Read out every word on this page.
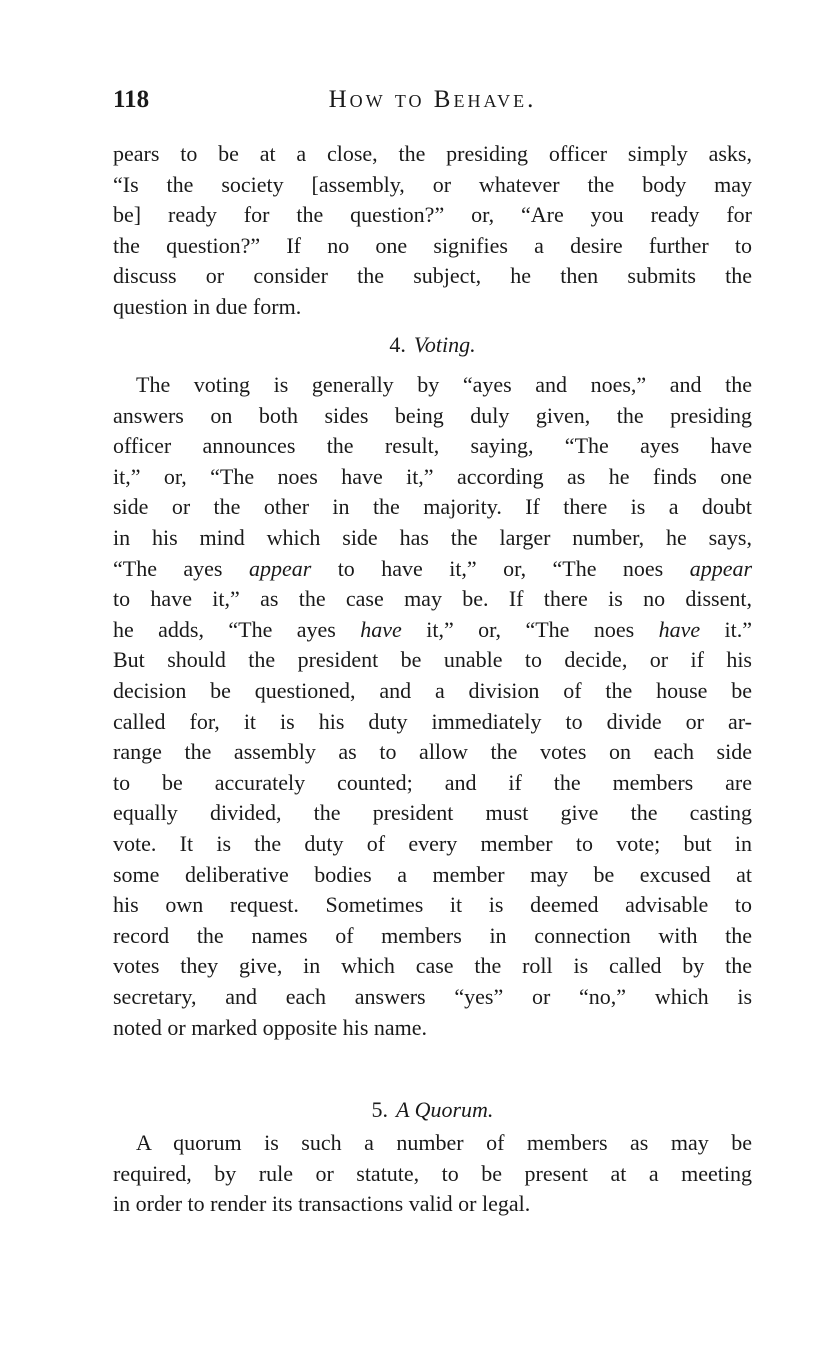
118	How to Behave.
pears to be at a close, the presiding officer simply asks,
“Is the society [assembly, or whatever the body may
be] ready for the question?” or, “Are you ready for
the question?” If no one signifies a desire further to
discuss or consider the subject, he then submits the
question in due form.
4. Voting.
The voting is generally by “ayes and noes,” and the
answers on both sides being duly given, the presiding
officer announces the result, saying, “The ayes have
it,” or, “The noes have it,” according as he finds one
side or the other in the majority. If there is a doubt
in his mind which side has the larger number, he says,
“The ayes appear to have it,” or, “The noes appear
to have it,” as the case may be. If there is no dissent,
he adds, “The ayes have it,” or, “The noes have it.”
But should the president be unable to decide, or if his
decision be questioned, and a division of the house be
called for, it is his duty immediately to divide or ar-
range the assembly as to allow the votes on each side
to be accurately counted; and if the members are
equally divided, the president must give the casting
vote. It is the duty of every member to vote; but in
some deliberative bodies a member may be excused at
his own request. Sometimes it is deemed advisable to
record the names of members in connection with the
votes they give, in which case the roll is called by the
secretary, and each answers “yes” or “no,” which is
noted or marked opposite his name.
5. A Quorum.
A quorum is such a number of members as may be
required, by rule or statute, to be present at a meeting
in order to render its transactions valid or legal.
